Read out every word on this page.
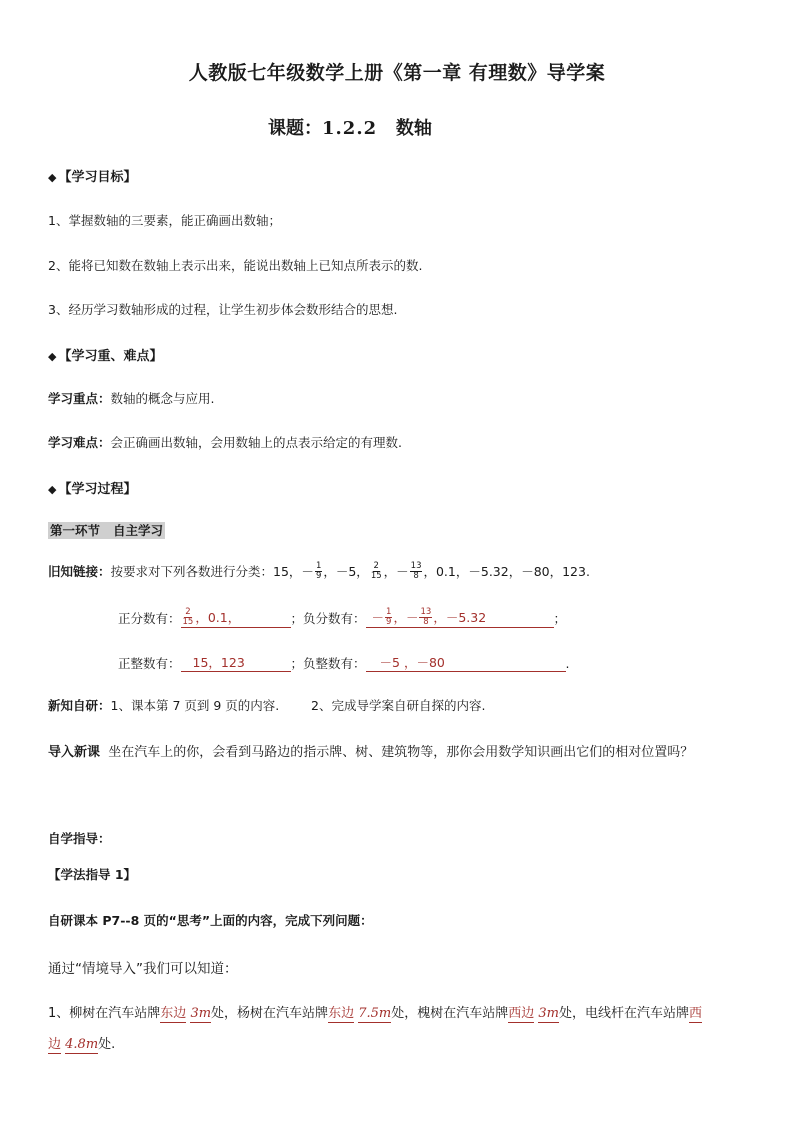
人教版七年级数学上册《第一章 有理数》导学案
课题：1.2.2 数轴
◆ 【学习目标】
1、掌握数轴的三要素，能正确画出数轴；
2、能将已知数在数轴上表示出来，能说出数轴上已知点所表示的数.
3、经历学习数轴形成的过程，让学生初步体会数形结合的思想.
◆ 【学习重、难点】
学习重点：数轴的概念与应用.
学习难点：会正确画出数轴，会用数轴上的点表示给定的有理数.
◆ 【学习过程】
第一环节   自主学习
旧知链接： 按要求对下列各数进行分类：15，－ $\frac{1}{9}$ ，－5， $\frac{2}{15}$ ，－ $\frac{13}{8}$ ，0.1，－5.32，－80，123.
正分数有： $\frac{2}{15}$ ，0.1，	；负分数有： － $\frac{1}{9}$ ，－ $\frac{13}{8}$ ，－5.32	；
正整数有： 15，123	；负整数有：	－5 ，－80	.
新知自研：1、课本第 7 页到 9 页的内容.        2、完成导学案自研自探的内容.
导入新课 坐在汽车上的你，会看到马路边的指示牌、树、建筑物等，那你会用数学知识画出它们的相对位置吗？
自学指导：
【学法指导 1】
自研课本 P7--8 页的“思考”上面的内容，完成下列问题：
通过“情境导入”我们可以知道：
1、柳树在汽车站牌东边 3m处，杨树在汽车站牌东边 7.5m处，槐树在汽车站牌西边 3m处，电线杆在汽车站牌西
边 4.8m处.
